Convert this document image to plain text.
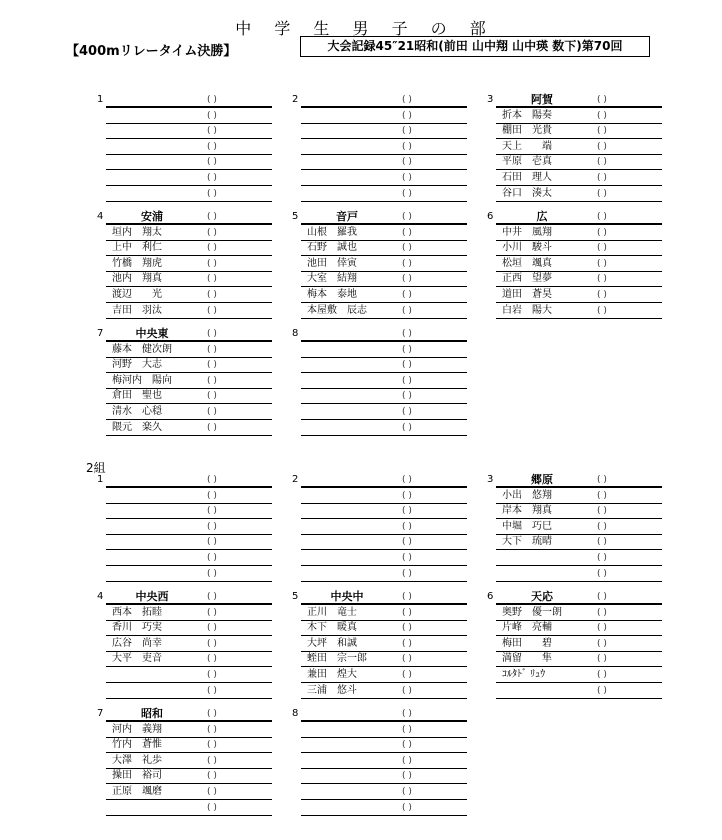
中 学 生 男 子 の 部
【400mリレータイム決勝】	大会記録45″21昭和(前田 山中翔 山中瑛 数下)第70回
2組
1	( )
( )
( )
( )
( )
( )
( )
2	( )
( )
( )
( )
( )
( )
( )
3	阿賀	( )
折本　陽奏	( )
棚田　光貴	( )
天上　　端	( )
平原　壱真	( )
石田　理人	( )
谷口　湊太	( )
4	安浦	( )
垣内　翔太	( )
上中　利仁	( )
竹橋　翔虎	( )
池内　翔真	( )
渡辺　　光	( )
吉田　羽汰	( )
5	音戸	( )
山根　羅我	( )
石野　誠也	( )
池田　倖寅	( )
大室　結翔	( )
梅本　泰地	( )
本屋敷　辰志	( )
6	広	( )
中井　風翔	( )
小川　駿斗	( )
松垣　颯真	( )
正西　望夢	( )
道田　蒼昊	( )
白岩　陽大	( )
7	中央東	( )
藤本　健次朗	( )
河野　大志	( )
梅河内　陽向	( )
倉田　聖也	( )
清水　心穏	( )
隈元　楽久	( )
8	( )
( )
( )
( )
( )
( )
( )
1	( )
( )
( )
( )
( )
( )
( )
2	( )
( )
( )
( )
( )
( )
( )
3	郷原	( )
小出　悠翔	( )
岸本　翔真	( )
中堀　巧巳	( )
大下　琉晴	( )
( )
( )
4	中央西	( )
西本　拓睦	( )
香川　巧実	( )
広谷　尚幸	( )
大平　吏音	( )
( )
( )
5	中央中	( )
正川　竜士	( )
木下　暖真	( )
大坪　和誠	( )
蛭田　宗一郎	( )
兼田　煌大	( )
三浦　悠斗	( )
6	天応	( )
奥野　優一朗	( )
片峰　亮輔	( )
梅田　　碧	( )
満留　　隼	( )
ｺﾙﾀﾄﾞ ﾘｭｳ	( )
( )
7	昭和	( )
河内　義翔	( )
竹内　蒼惟	( )
大澤　礼歩	( )
操田　裕司	( )
正原　颯磨	( )
( )
8	( )
( )
( )
( )
( )
( )
( )
